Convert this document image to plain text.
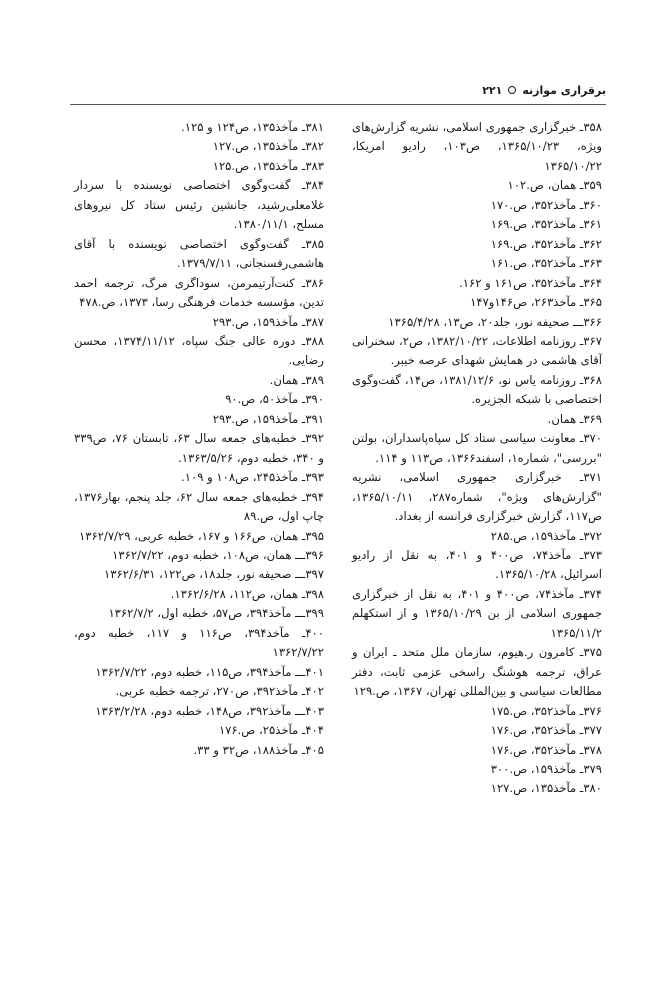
۲۲۱ برقراری موازنه

۳۵۸ـ خبرگزاری جمهوری اسلامی، نشریه گزارش‌های ویژه، ۱۳۶۵/۱۰/۲۳، ص۱۰۳، رادیو امریکا، ۱۳۶۵/۱۰/۲۲

۳۵۹ـ همان، ص.۱۰۲

۳۶۰ـ مآخذ۳۵۲، ص.۱۷۰

۳۶۱ـ مآخذ۳۵۲، ص.۱۶۹

۳۶۲ـ مآخذ۳۵۲، ص.۱۶۹

۳۶۳ـ مآخذ۳۵۲، ص.۱۶۱

۳۶۴ـ مآخذ۳۵۲، ص۱۶۱ و ۱۶۲.

۳۶۵ـ مآخذ۲۶۳، ص۱۴۶و۱۴۷

۳۶۶ـــ صحیفه نور، جلد۲۰، ص۱۳، ۱۳۶۵/۴/۲۸

۳۶۷ـ روزنامه اطلاعات، ۱۳۸۲/۱۰/۲۲، ص۲، سخنرانی آقای هاشمی در همایش شهدای عرصه خیبر.

۳۶۸ـ روزنامه یاس نو، ۱۳۸۱/۱۲/۶، ص۱۴، گفت‌وگوی اختصاصی با شبکه الجزیره.

۳۶۹ـ همان.

۳۷۰ـ معاونت سیاسی ستاد کل سپاه‌پاسداران، بولتن "بررسی"، شماره۱، اسفند۱۳۶۶، ص۱۱۳ و ۱۱۴.

۳۷۱ـ خبرگزاری جمهوری اسلامی، نشریه "گزارش‌های ویژه"، شماره۲۸۷، ۱۳۶۵/۱۰/۱۱، ص۱۱۷، گزارش خبرگزاری فرانسه از بغداد.

۳۷۲ـ مآخذ۱۵۹، ص.۲۸۵

۳۷۳ـ مآخذ۷۴، ص۴۰۰ و ۴۰۱، به نقل از رادیو اسرائیل، ۱۳۶۵/۱۰/۲۸.

۳۷۴ـ مآخذ۷۴، ص۴۰۰ و ۴۰۱، به نقل از خبرگزاری جمهوری اسلامی از بن ۱۳۶۵/۱۰/۲۹ و از استکهلم ۱۳۶۵/۱۱/۲

۳۷۵ـ کامرون ر.هیوم، سازمان ملل متحد ـ ایران و عراق، ترجمه هوشنگ راسخی عزمی ثابت، دفتر مطالعات سیاسی و بین‌المللی تهران، ۱۳۶۷، ص.۱۲۹

۳۷۶ـ مآخذ۳۵۲، ص.۱۷۵

۳۷۷ـ مآخذ۳۵۲، ص.۱۷۶

۳۷۸ـ مآخذ۳۵۲، ص.۱۷۶

۳۷۹ـ مآخذ۱۵۹، ص.۳۰۰

۳۸۰ـ مآخذ۱۳۵، ص.۱۲۷

۳۸۱ـ مآخذ۱۳۵، ص۱۲۴ و ۱۲۵.

۳۸۲ـ مآخذ۱۳۵، ص.۱۲۷

۳۸۳ـ مآخذ۱۳۵، ص.۱۲۵

۳۸۴ـ گفت‌وگوی اختصاصی نویسنده با سردار غلامعلی‌رشید، جانشین رئیس ستاد کل نیروهای مسلح، ۱۳۸۰/۱۱/۱.

۳۸۵ـ گفت‌وگوی اختصاصی نویسنده با آقای هاشمی‌رفسنجانی، ۱۳۷۹/۷/۱۱.

۳۸۶ـ کنت‌آرتیمرمن، سوداگری مرگ، ترجمه احمد تدین، مؤسسه خدمات فرهنگی رسا، ۱۳۷۳، ص.۴۷۸

۳۸۷ـ مآخذ۱۵۹، ص.۲۹۳

۳۸۸ـ دوره عالی جنگ سپاه، ۱۳۷۴/۱۱/۱۲، محسن رضایی.

۳۸۹ـ همان.

۳۹۰ـ مآخذ۵۰، ص.۹۰

۳۹۱ـ مآخذ۱۵۹، ص.۲۹۳

۳۹۲ـ خطبه‌های جمعه سال ۶۳، تابستان ۷۶، ص۳۳۹ و ۳۴۰، خطبه دوم، ۱۳۶۳/۵/۲۶.

۳۹۳ـ مآخذ۲۴۵، ص۱۰۸ و ۱۰۹.

۳۹۴ـ خطبه‌های جمعه سال ۶۲، جلد پنجم، بهار۱۳۷۶، چاپ اول، ص.۸۹

۳۹۵ـ همان، ص۱۶۶ و ۱۶۷، خطبه عربی، ۱۳۶۲/۷/۲۹

۳۹۶ـــ همان، ص۱۰۸، خطبه دوم، ۱۳۶۲/۷/۲۲

۳۹۷ـــ صحیفه نور، جلد۱۸، ص۱۲۲، ۱۳۶۲/۶/۳۱

۳۹۸ـ همان، ص۱۱۲، ۱۳۶۲/۶/۲۸.

۳۹۹ـــ مآخذ۳۹۴، ص۵۷، خطبه اول، ۱۳۶۲/۷/۲

۴۰۰ـ مآخذ۳۹۴، ص۱۱۶ و ۱۱۷، خطبه دوم، ۱۳۶۲/۷/۲۲

۴۰۱ـــ مآخذ۳۹۴، ص۱۱۵، خطبه دوم، ۱۳۶۲/۷/۲۲

۴۰۲ـ مآخذ۳۹۲، ص۲۷۰، ترجمه خطبه عربی.

۴۰۳ـــ مآخذ۳۹۲، ص۱۴۸، خطبه دوم، ۱۳۶۳/۲/۲۸

۴۰۴ـ مآخذ۲۵، ص.۱۷۶

۴۰۵ـ مآخذ۱۸۸، ص۳۲ و ۳۳.
